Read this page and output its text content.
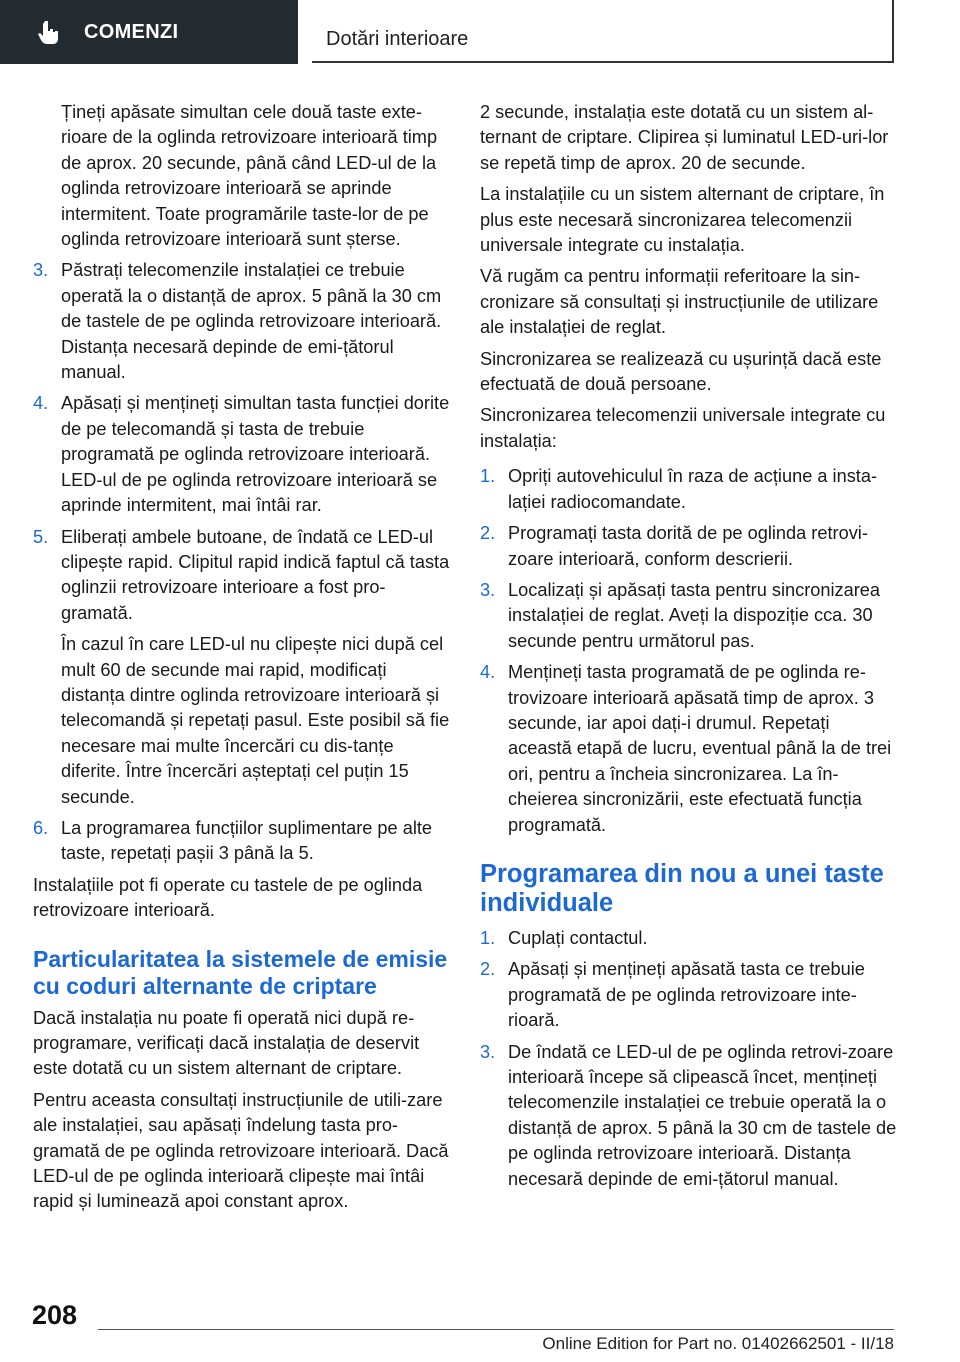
COMENZI	Dotări interioare

Țineți apăsate simultan cele două taste exte-rioare de la oglinda retrovizoare interioară timp de aprox. 20 secunde, până când LED-ul de la oglinda retrovizoare interioară se aprinde intermitent. Toate programările taste-lor de pe oglinda retrovizoare interioară sunt șterse.

3. Păstrați telecomenzile instalației ce trebuie operată la o distanță de aprox. 5 până la 30 cm de tastele de pe oglinda retrovizoare interioară. Distanța necesară depinde de emi-țătorul manual.
4. Apăsați și mențineți simultan tasta funcției dorite de pe telecomandă și tasta de trebuie programată pe oglinda retrovizoare interioară. LED-ul de pe oglinda retrovizoare interioară se aprinde intermitent, mai întâi rar.
5. Eliberați ambele butoane, de îndată ce LED-ul clipește rapid. Clipitul rapid indică faptul că tasta oglinzii retrovizoare interioare a fost pro-gramată.

În cazul în care LED-ul nu clipește nici după cel mult 60 de secunde mai rapid, modificați distanța dintre oglinda retrovizoare interioară și telecomandă și repetați pasul. Este posibil să fie necesare mai multe încercări cu dis-tanțe diferite. Între încercări așteptați cel puțin 15 secunde.

6. La programarea funcțiilor suplimentare pe alte taste, repetați pașii 3 până la 5.

Instalațiile pot fi operate cu tastele de pe oglinda retrovizoare interioară.

Particularitatea la sistemele de emisie cu coduri alternante de criptare

Dacă instalația nu poate fi operată nici după re-programare, verificați dacă instalația de deservit este dotată cu un sistem alternant de criptare.

Pentru aceasta consultați instrucțiunile de utili-zare ale instalației, sau apăsați îndelung tasta pro-gramată de pe oglinda retrovizoare interioară. Dacă LED-ul de pe oglinda interioară clipește mai întâi rapid și luminează apoi constant aprox.

2 secunde, instalația este dotată cu un sistem al-ternant de criptare. Clipirea și luminatul LED-uri-lor se repetă timp de aprox. 20 de secunde.

La instalațiile cu un sistem alternant de criptare, în plus este necesară sincronizarea telecomenzii universale integrate cu instalația.

Vă rugăm ca pentru informații referitoare la sin-cronizare să consultați și instrucțiunile de utilizare ale instalației de reglat.

Sincronizarea se realizează cu ușurință dacă este efectuată de două persoane.

Sincronizarea telecomenzii universale integrate cu instalația:

1. Opriți autovehiculul în raza de acțiune a insta-lației radiocomandate.
2. Programați tasta dorită de pe oglinda retrovi-zoare interioară, conform descrierii.
3. Localizați și apăsați tasta pentru sincronizarea instalației de reglat. Aveți la dispoziție cca. 30 secunde pentru următorul pas.
4. Mențineți tasta programată de pe oglinda re-trovizoare interioară apăsată timp de aprox. 3 secunde, iar apoi dați-i drumul. Repetați această etapă de lucru, eventual până la de trei ori, pentru a încheia sincronizarea. La în-cheierea sincronizării, este efectuată funcția programată.
Programarea din nou a unei taste individuale
1. Cuplați contactul.
2. Apăsați și mențineți apăsată tasta ce trebuie programată de pe oglinda retrovizoare inte-rioară.
3. De îndată ce LED-ul de pe oglinda retrovi-zoare interioară începe să clipească încet, mențineți telecomenzile instalației ce trebuie operată la o distanță de aprox. 5 până la 30 cm de tastele de pe oglinda retrovizoare interioară. Distanța necesară depinde de emi-țătorul manual.
208
Online Edition for Part no. 01402662501 - II/18
